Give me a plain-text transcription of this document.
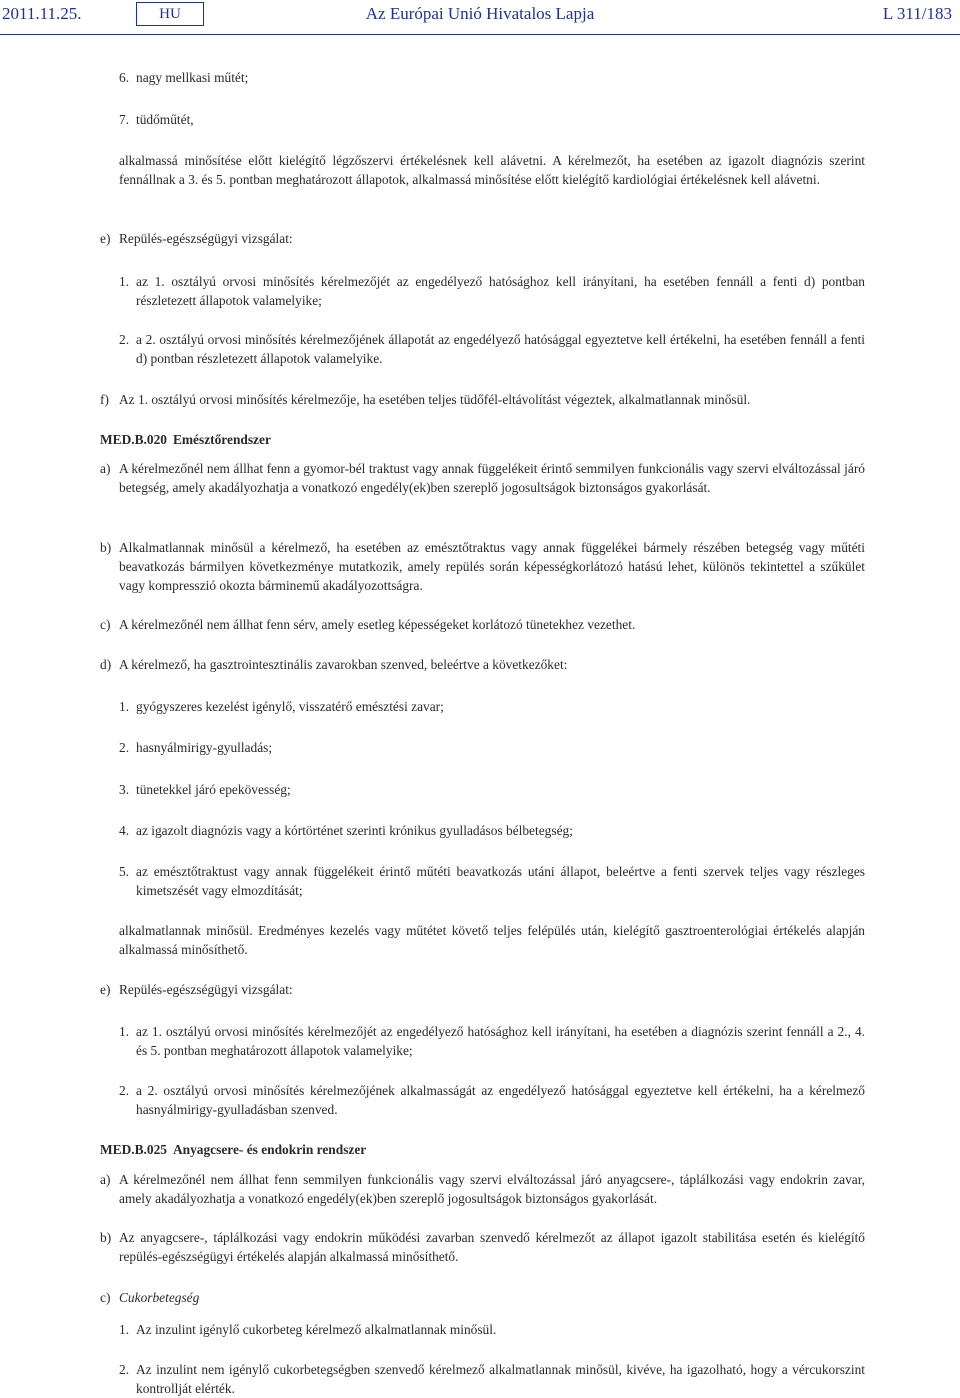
2011.11.25.	HU	Az Európai Unió Hivatalos Lapja	L 311/183
6. nagy mellkasi műtét;
7. tüdőműtét,

alkalmassá minősítése előtt kielégítő légzőszervi értékelésnek kell alávetni. A kérelmezőt, ha esetében az igazolt diagnózis szerint fennállnak a 3. és 5. pontban meghatározott állapotok, alkalmassá minősítése előtt kielégítő kardiológiai értékelésnek kell alávetni.

e) Repülés-egészségügyi vizsgálat:
1. az 1. osztályú orvosi minősítés kérelmezőjét az engedélyező hatósághoz kell irányítani, ha esetében fennáll a fenti d) pontban részletezett állapotok valamelyike;

2. a 2. osztályú orvosi minősítés kérelmezőjének állapotát az engedélyező hatósággal egyeztetve kell értékelni, ha esetében fennáll a fenti d) pontban részletezett állapotok valamelyike.

f) Az 1. osztályú orvosi minősítés kérelmezője, ha esetében teljes tüdőfél-eltávolítást végeztek, alkalmatlannak minősül.

MED.B.020 Emésztőrendszer

a) A kérelmezőnél nem állhat fenn a gyomor-bél traktust vagy annak függelékeit érintő semmilyen funkcionális vagy szervi elváltozással járó betegség, amely akadályozhatja a vonatkozó engedély(ek)ben szereplő jogosultságok biztonságos gyakorlását.

b) Alkalmatlannak minősül a kérelmező, ha esetében az emésztőtraktus vagy annak függelékei bármely részében betegség vagy műtéti beavatkozás bármilyen következménye mutatkozik, amely repülés során képességkorlátozó hatású lehet, különös tekintettel a szűkület vagy kompresszió okozta bárminemű akadályozottságra.

c) A kérelmezőnél nem állhat fenn sérv, amely esetleg képességeket korlátozó tünetekhez vezethet.

d) A kérelmező, ha gasztrointesztinális zavarokban szenved, beleértve a következőket:

1. gyógyszeres kezelést igénylő, visszatérő emésztési zavar;
2. hasnyálmirigy-gyulladás;
3. tünetekkel járó epekövesség;
4. az igazolt diagnózis vagy a kórtörténet szerinti krónikus gyulladásos bélbetegség;
5. az emésztőtraktust vagy annak függelékeit érintő műtéti beavatkozás utáni állapot, beleértve a fenti szervek teljes vagy részleges kimetszését vagy elmozdítását;

alkalmatlannak minősül. Eredményes kezelés vagy műtétet követő teljes felépülés után, kielégítő gasztroenterológiai értékelés alapján alkalmassá minősíthető.

e) Repülés-egészségügyi vizsgálat:
1. az 1. osztályú orvosi minősítés kérelmezőjét az engedélyező hatósághoz kell irányítani, ha esetében a diagnózis szerint fennáll a 2., 4. és 5. pontban meghatározott állapotok valamelyike;

2. a 2. osztályú orvosi minősítés kérelmezőjének alkalmasságát az engedélyező hatósággal egyeztetve kell értékelni, ha a kérelmező hasnyálmirigy-gyulladásban szenved.

MED.B.025 Anyagcsere- és endokrin rendszer

a) A kérelmezőnél nem állhat fenn semmilyen funkcionális vagy szervi elváltozással járó anyagcsere-, táplálkozási vagy endokrin zavar, amely akadályozhatja a vonatkozó engedély(ek)ben szereplő jogosultságok biztonságos gyakorlását.

b) Az anyagcsere-, táplálkozási vagy endokrin működési zavarban szenvedő kérelmezőt az állapot igazolt stabilitása esetén és kielégítő repülés-egészségügyi értékelés alapján alkalmassá minősíthető.

c) Cukorbetegség
1. Az inzulint igénylő cukorbeteg kérelmező alkalmatlannak minősül.
2. Az inzulint nem igénylő cukorbetegségben szenvedő kérelmező alkalmatlannak minősül, kivéve, ha igazolható, hogy a vércukorszint kontrollját elérték.
